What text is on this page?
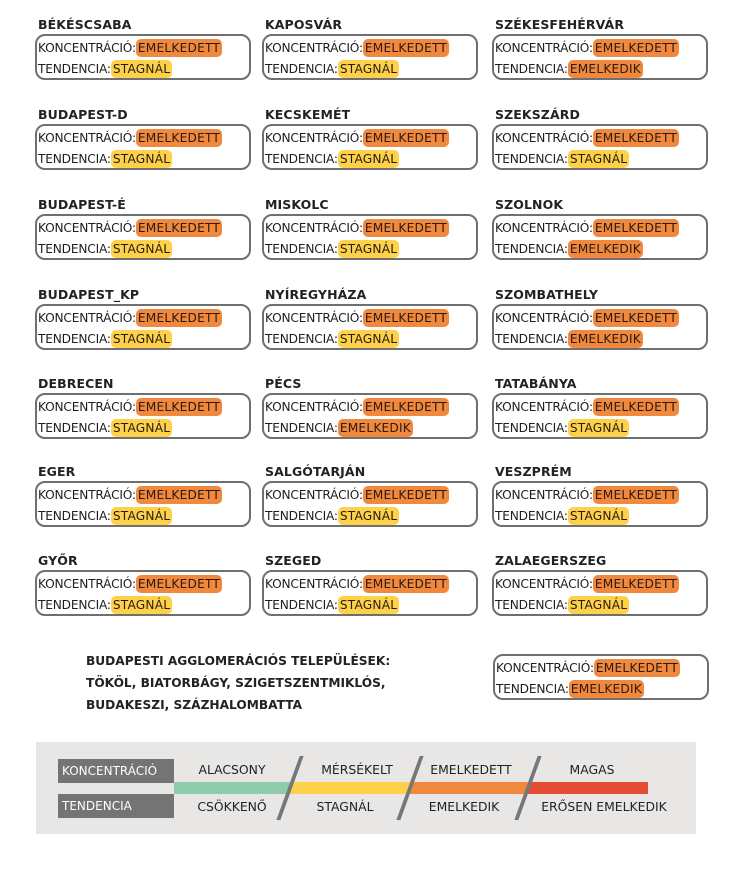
BÉKÉSCSABA
KONCENTRÁCIÓ: EMELKEDETT
TENDENCIA: STAGNÁL
BUDAPEST-D
KONCENTRÁCIÓ: EMELKEDETT
TENDENCIA: STAGNÁL
BUDAPEST-É
KONCENTRÁCIÓ: EMELKEDETT
TENDENCIA: STAGNÁL
BUDAPEST_KP
KONCENTRÁCIÓ: EMELKEDETT
TENDENCIA: STAGNÁL
DEBRECEN
KONCENTRÁCIÓ: EMELKEDETT
TENDENCIA: STAGNÁL
EGER
KONCENTRÁCIÓ: EMELKEDETT
TENDENCIA: STAGNÁL
GYŐR
KONCENTRÁCIÓ: EMELKEDETT
TENDENCIA: STAGNÁL
KAPOSVÁR
KONCENTRÁCIÓ: EMELKEDETT
TENDENCIA: STAGNÁL
KECSKEMÉT
KONCENTRÁCIÓ: EMELKEDETT
TENDENCIA: STAGNÁL
MISKOLC
KONCENTRÁCIÓ: EMELKEDETT
TENDENCIA: STAGNÁL
NYÍREGYHÁZA
KONCENTRÁCIÓ: EMELKEDETT
TENDENCIA: STAGNÁL
PÉCS
KONCENTRÁCIÓ: EMELKEDETT
TENDENCIA: EMELKEDIK
SALGÓTARJÁN
KONCENTRÁCIÓ: EMELKEDETT
TENDENCIA: STAGNÁL
SZEGED
KONCENTRÁCIÓ: EMELKEDETT
TENDENCIA: STAGNÁL
SZÉKESFEHÉRVÁR
KONCENTRÁCIÓ: EMELKEDETT
TENDENCIA: EMELKEDIK
SZEKSZÁRD
KONCENTRÁCIÓ: EMELKEDETT
TENDENCIA: STAGNÁL
SZOLNOK
KONCENTRÁCIÓ: EMELKEDETT
TENDENCIA: EMELKEDIK
SZOMBATHELY
KONCENTRÁCIÓ: EMELKEDETT
TENDENCIA: EMELKEDIK
TATABÁNYA
KONCENTRÁCIÓ: EMELKEDETT
TENDENCIA: STAGNÁL
VESZPRÉM
KONCENTRÁCIÓ: EMELKEDETT
TENDENCIA: STAGNÁL
ZALAEGERSZEG
KONCENTRÁCIÓ: EMELKEDETT
TENDENCIA: STAGNÁL
BUDAPESTI AGGLOMERÁCIÓS TELEPÜLÉSEK:
TÖKÖL, BIATORBÁGY, SZIGETSZENTMIKLÓS,
BUDAKESZI, SZÁZHALOMBATTA
KONCENTRÁCIÓ: EMELKEDETT
TENDENCIA: EMELKEDIK
KONCENTRÁCIÓ
TENDENCIA
ALACSONY
CSÖKKENŐ
MÉRSÉKELT
STAGNÁL
EMELKEDETT
EMELKEDIK
MAGAS
ERŐSEN EMELKEDIK
